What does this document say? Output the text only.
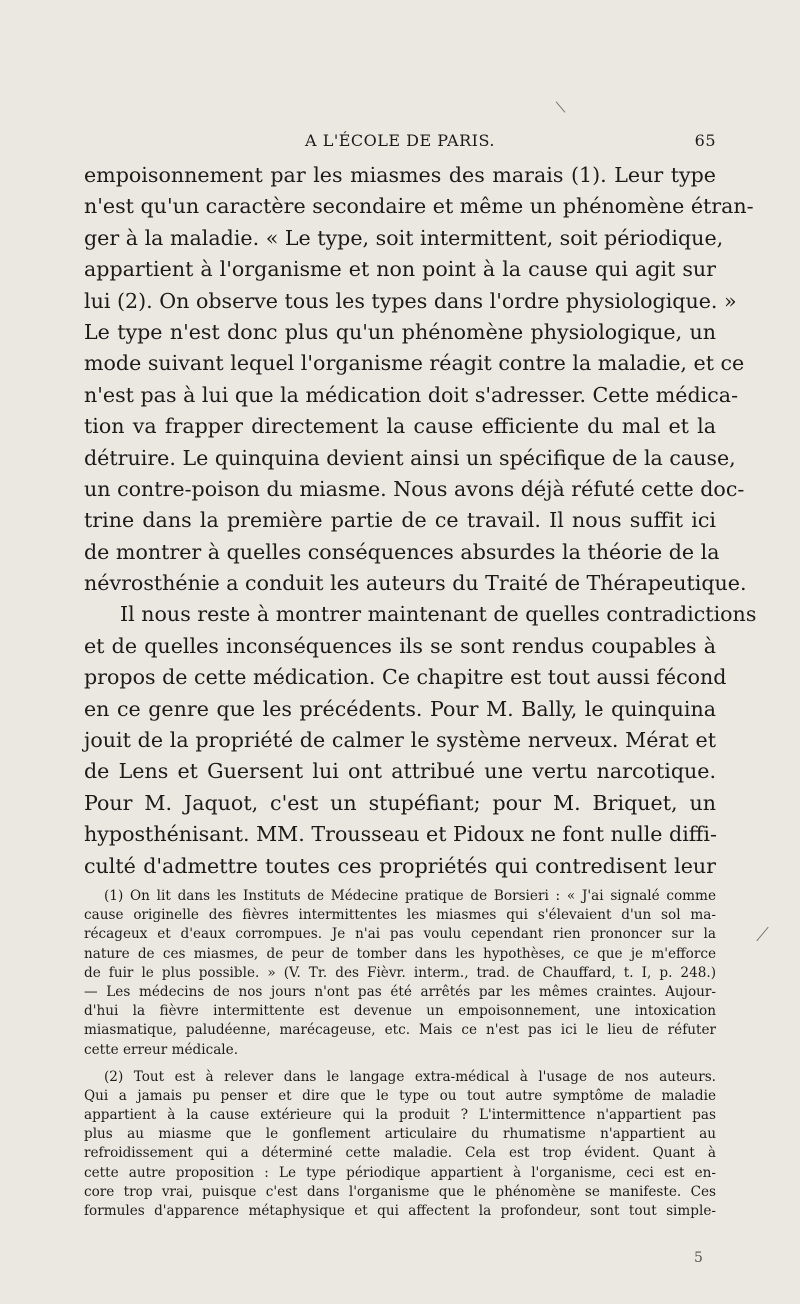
A L'ÉCOLE DE PARIS.	65
empoisonnement par les miasmes des marais (1). Leur type
n'est qu'un caractère secondaire et même un phénomène étran-
ger à la maladie. « Le type, soit intermittent, soit périodique,
appartient à l'organisme et non point à la cause qui agit sur
lui (2). On observe tous les types dans l'ordre physiologique. »
Le type n'est donc plus qu'un phénomène physiologique, un
mode suivant lequel l'organisme réagit contre la maladie, et ce
n'est pas à lui que la médication doit s'adresser. Cette médica-
tion va frapper directement la cause efficiente du mal et la
détruire. Le quinquina devient ainsi un spécifique de la cause,
un contre-poison du miasme. Nous avons déjà réfuté cette doc-
trine dans la première partie de ce travail. Il nous suffit ici
de montrer à quelles conséquences absurdes la théorie de la
névrosthénie a conduit les auteurs du Traité de Thérapeutique.
Il nous reste à montrer maintenant de quelles contradictions
et de quelles inconséquences ils se sont rendus coupables à
propos de cette médication. Ce chapitre est tout aussi fécond
en ce genre que les précédents. Pour M. Bally, le quinquina
jouit de la propriété de calmer le système nerveux. Mérat et
de Lens et Guersent lui ont attribué une vertu narcotique.
Pour M. Jaquot, c'est un stupéfiant; pour M. Briquet, un
hyposthénisant. MM. Trousseau et Pidoux ne font nulle diffi-
culté d'admettre toutes ces propriétés qui contredisent leur
(1) On lit dans les Instituts de Médecine pratique de Borsieri : « J'ai signalé comme
cause originelle des fièvres intermittentes les miasmes qui s'élevaient d'un sol ma-
récageux et d'eaux corrompues. Je n'ai pas voulu cependant rien prononcer sur la
nature de ces miasmes, de peur de tomber dans les hypothèses, ce que je m'efforce
de fuir le plus possible. » (V. Tr. des Fièvr. interm., trad. de Chauffard, t. I, p. 248.)
— Les médecins de nos jours n'ont pas été arrêtés par les mêmes craintes. Aujour-
d'hui la fièvre intermittente est devenue un empoisonnement, une intoxication
miasmatique, paludéenne, marécageuse, etc. Mais ce n'est pas ici le lieu de réfuter
cette erreur médicale.
(2) Tout est à relever dans le langage extra-médical à l'usage de nos auteurs.
Qui a jamais pu penser et dire que le type ou tout autre symptôme de maladie
appartient à la cause extérieure qui la produit ? L'intermittence n'appartient pas
plus au miasme que le gonflement articulaire du rhumatisme n'appartient au
refroidissement qui a déterminé cette maladie. Cela est trop évident. Quant à
cette autre proposition : Le type périodique appartient à l'organisme, ceci est en-
core trop vrai, puisque c'est dans l'organisme que le phénomène se manifeste. Ces
formules d'apparence métaphysique et qui affectent la profondeur, sont tout simple-
5
